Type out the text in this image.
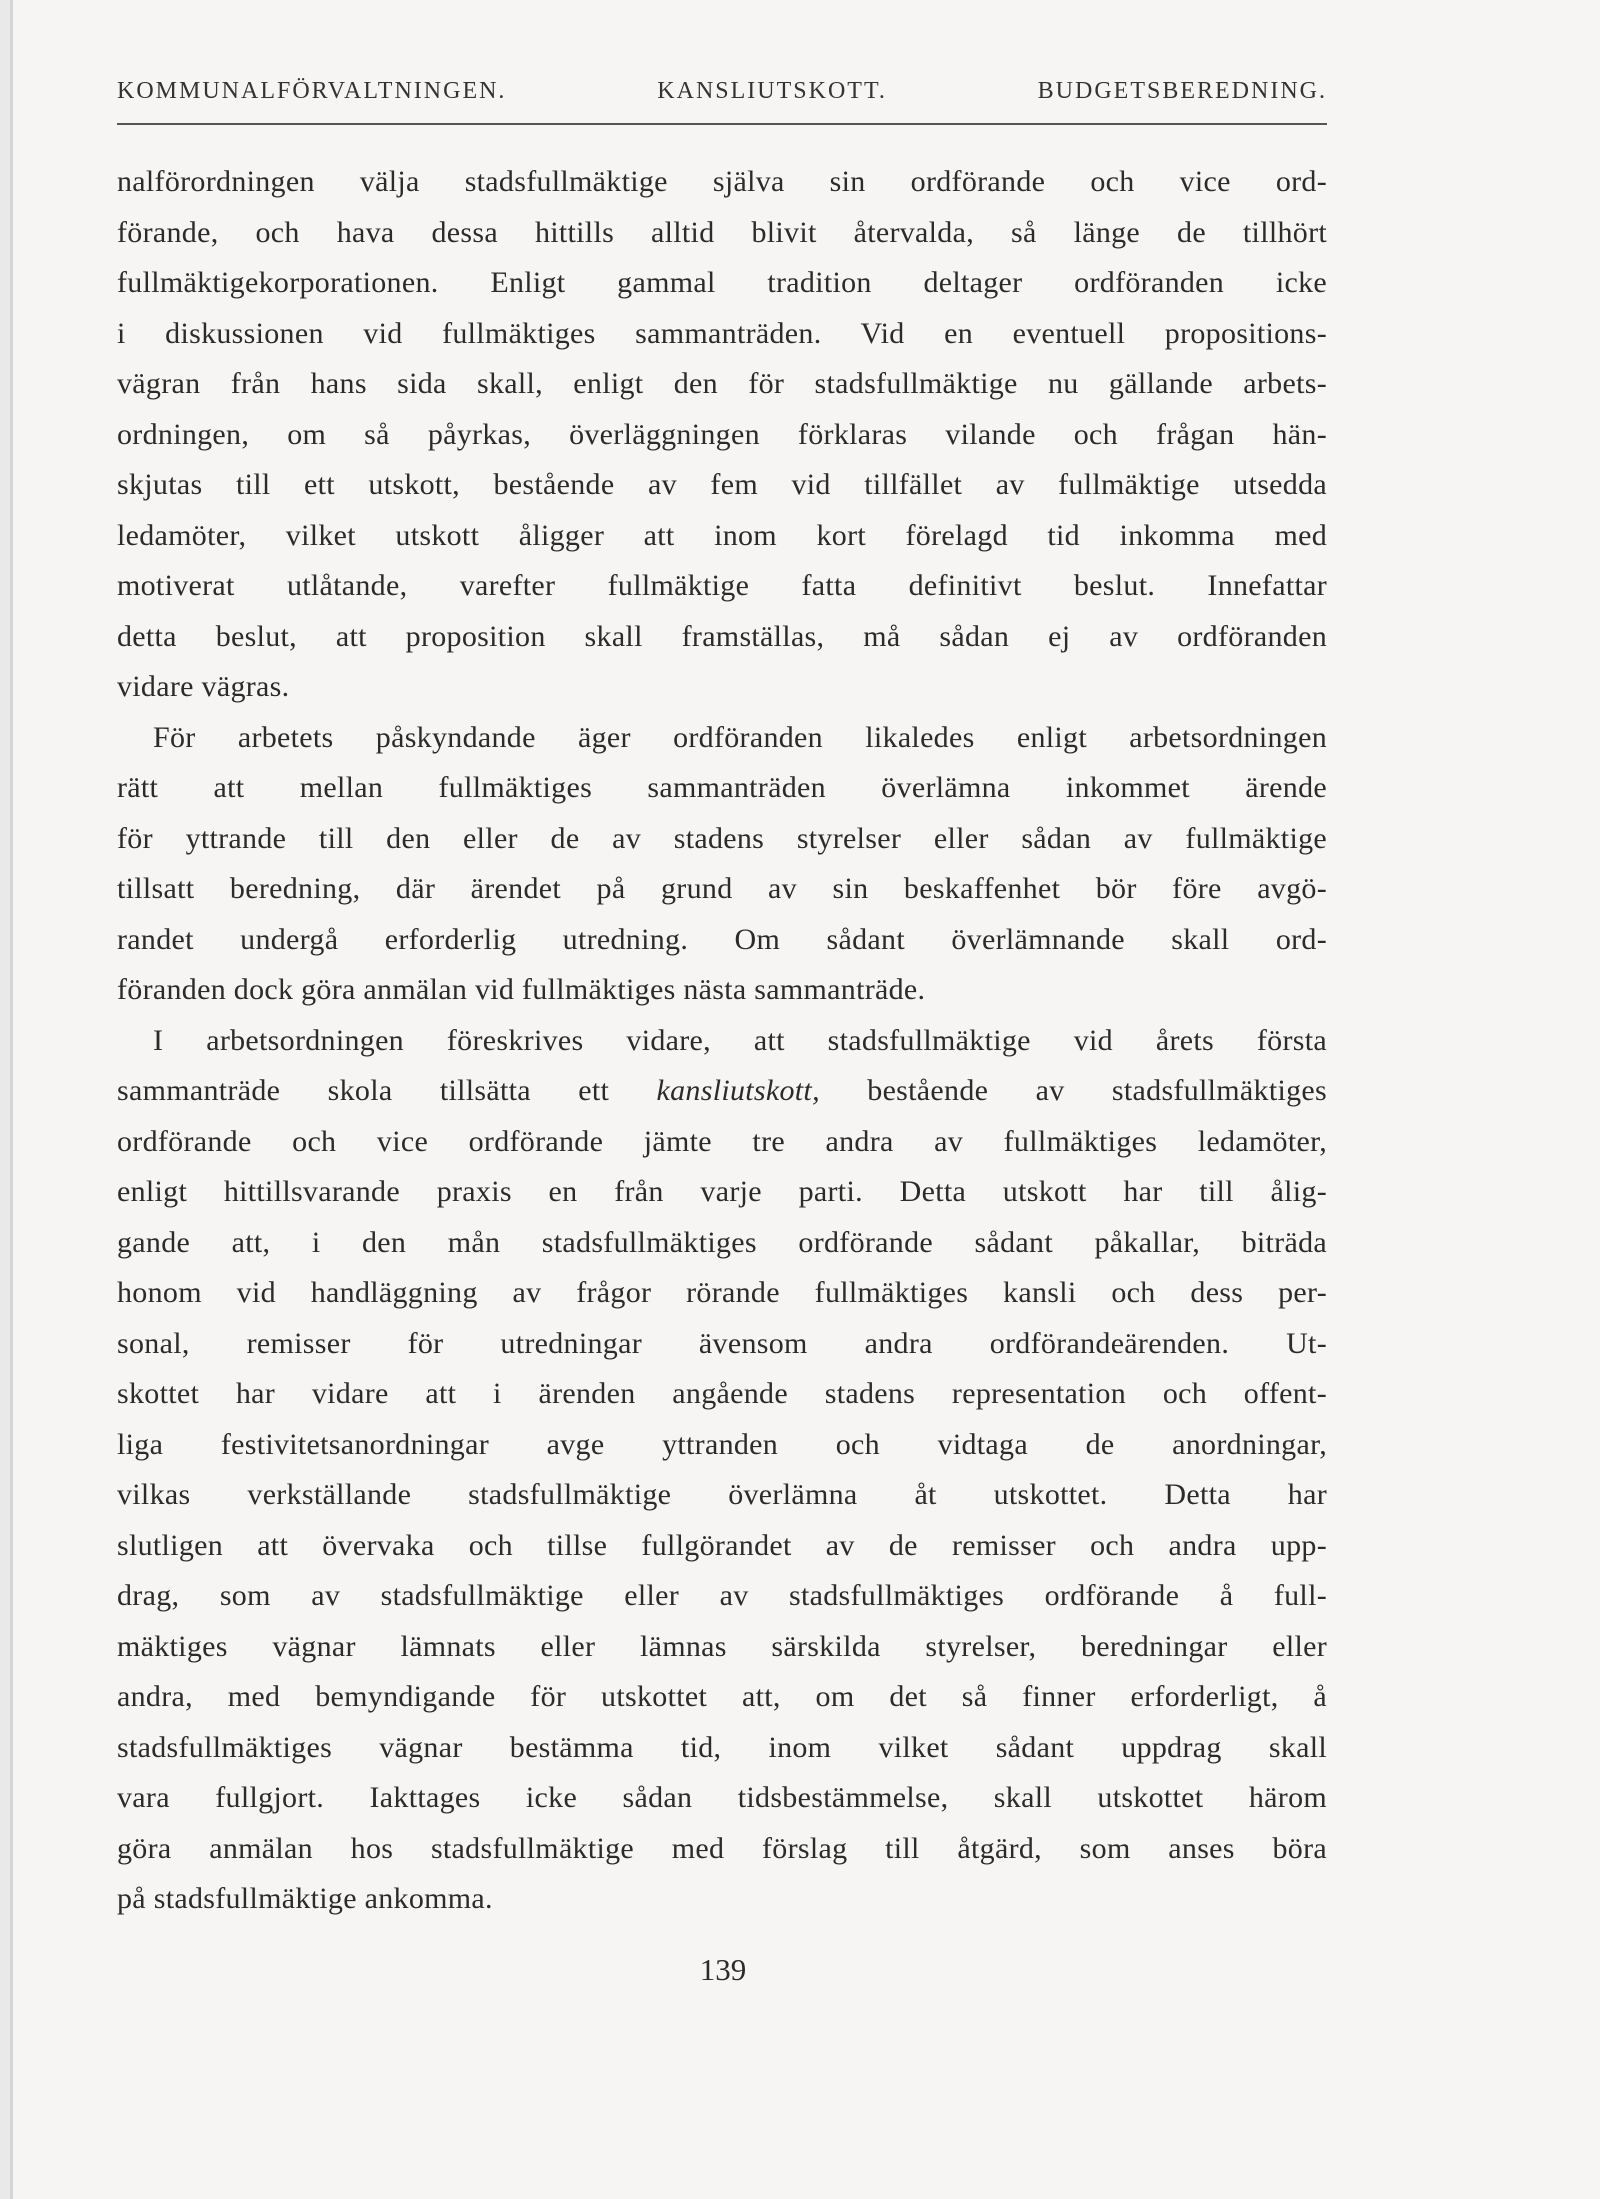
KOMMUNALFÖRVALTNINGEN.	KANSLIUTSKOTT.	BUDGETSBEREDNING.
nalförordningen välja stadsfullmäktige själva sin ordförande och vice ord-
förande, och hava dessa hittills alltid blivit återvalda, så länge de tillhört
fullmäktigekorporationen. Enligt gammal tradition deltager ordföranden icke
i diskussionen vid fullmäktiges sammanträden. Vid en eventuell propositions-
vägran från hans sida skall, enligt den för stadsfullmäktige nu gällande arbets-
ordningen, om så påyrkas, överläggningen förklaras vilande och frågan hän-
skjutas till ett utskott, bestående av fem vid tillfället av fullmäktige utsedda
ledamöter, vilket utskott åligger att inom kort förelagd tid inkomma med
motiverat utlåtande, varefter fullmäktige fatta definitivt beslut. Innefattar
detta beslut, att proposition skall framställas, må sådan ej av ordföranden
vidare vägras.
För arbetets påskyndande äger ordföranden likaledes enligt arbetsordningen
rätt att mellan fullmäktiges sammanträden överlämna inkommet ärende
för yttrande till den eller de av stadens styrelser eller sådan av fullmäktige
tillsatt beredning, där ärendet på grund av sin beskaffenhet bör före avgö-
randet undergå erforderlig utredning. Om sådant överlämnande skall ord-
föranden dock göra anmälan vid fullmäktiges nästa sammanträde.
I arbetsordningen föreskrives vidare, att stadsfullmäktige vid årets första
sammanträde skola tillsätta ett kansliutskott, bestående av stadsfullmäktiges
ordförande och vice ordförande jämte tre andra av fullmäktiges ledamöter,
enligt hittillsvarande praxis en från varje parti. Detta utskott har till ålig-
gande att, i den mån stadsfullmäktiges ordförande sådant påkallar, biträda
honom vid handläggning av frågor rörande fullmäktiges kansli och dess per-
sonal, remisser för utredningar ävensom andra ordförandeärenden. Ut-
skottet har vidare att i ärenden angående stadens representation och offent-
liga festivitetsanordningar avge yttranden och vidtaga de anordningar,
vilkas verkställande stadsfullmäktige överlämna åt utskottet. Detta har
slutligen att övervaka och tillse fullgörandet av de remisser och andra upp-
drag, som av stadsfullmäktige eller av stadsfullmäktiges ordförande å full-
mäktiges vägnar lämnats eller lämnas särskilda styrelser, beredningar eller
andra, med bemyndigande för utskottet att, om det så finner erforderligt, å
stadsfullmäktiges vägnar bestämma tid, inom vilket sådant uppdrag skall
vara fullgjort. Iakttages icke sådan tidsbestämmelse, skall utskottet härom
göra anmälan hos stadsfullmäktige med förslag till åtgärd, som anses böra
på stadsfullmäktige ankomma.
139
